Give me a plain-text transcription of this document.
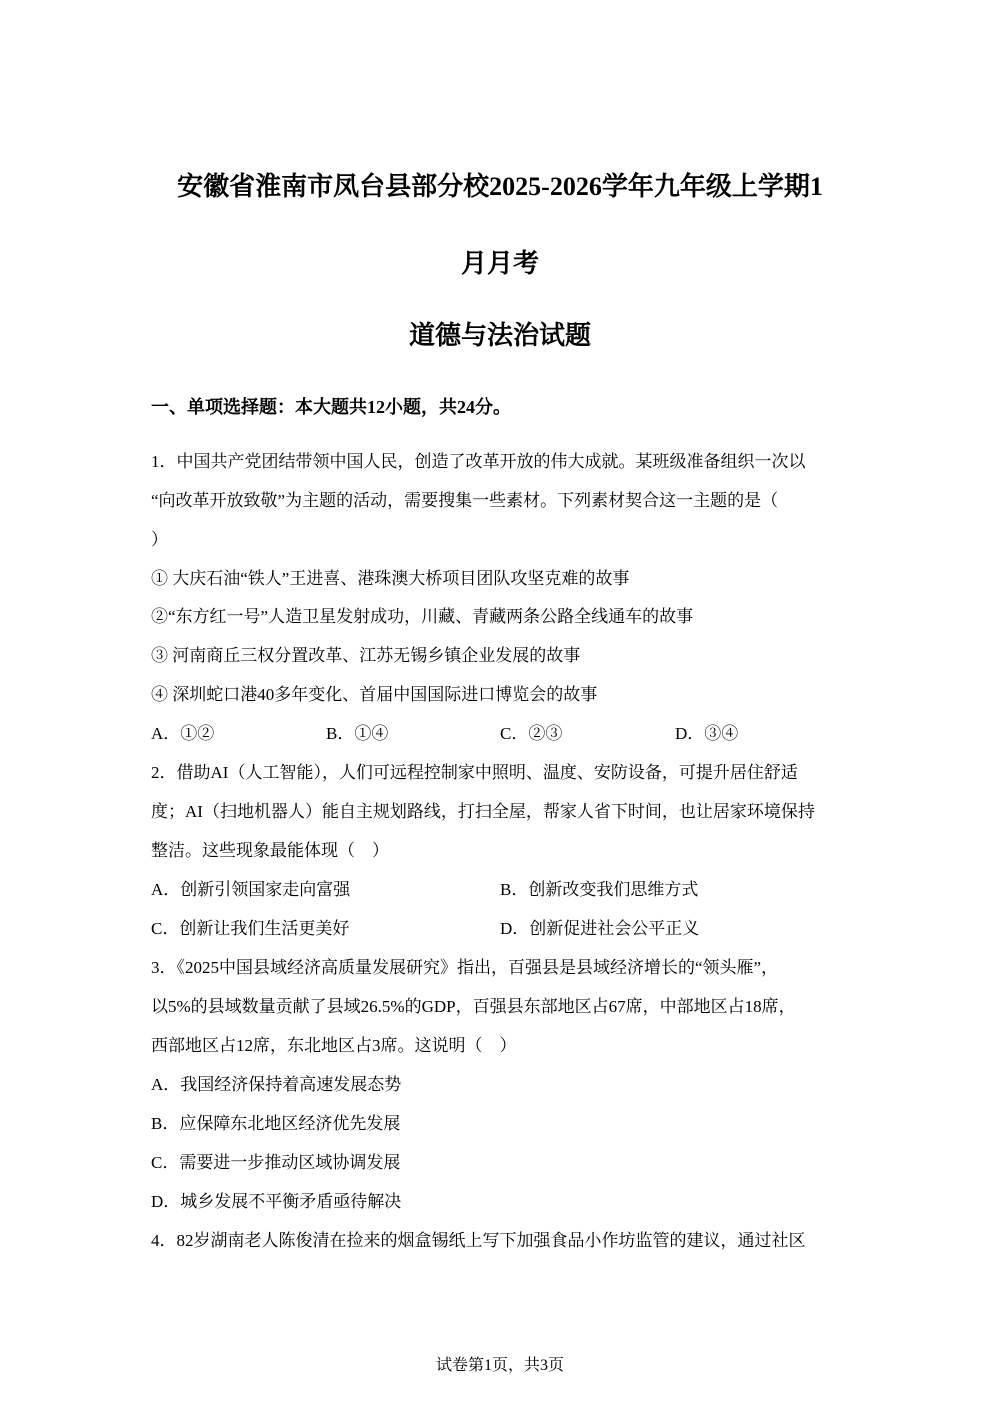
安徽省淮南市凤台县部分校2025-2026学年九年级上学期1
月月考
道德与法治试题
一、单项选择题：本大题共12小题，共24分。
1．中国共产党团结带领中国人民，创造了改革开放的伟大成就。某班级准备组织一次以
“向改革开放致敬”为主题的活动，需要搜集一些素材。下列素材契合这一主题的是（
）
① 大庆石油“铁人”王进喜、港珠澳大桥项目团队攻坚克难的故事
②“东方红一号”人造卫星发射成功，川藏、青藏两条公路全线通车的故事
③ 河南商丘三权分置改革、江苏无锡乡镇企业发展的故事
④ 深圳蛇口港40多年变化、首届中国国际进口博览会的故事
A．①②	B．①④	C．②③	D．③④
2．借助AI（人工智能），人们可远程控制家中照明、温度、安防设备，可提升居住舒适
度；AI（扫地机器人）能自主规划路线，打扫全屋，帮家人省下时间，也让居家环境保持
整洁。这些现象最能体现（　）
A．创新引领国家走向富强	B．创新改变我们思维方式
C．创新让我们生活更美好	D．创新促进社会公平正义
3．《2025中国县域经济高质量发展研究》指出，百强县是县域经济增长的“领头雁”，
以5%的县域数量贡献了县域26.5%的GDP，百强县东部地区占67席，中部地区占18席，
西部地区占12席，东北地区占3席。这说明（　）
A．我国经济保持着高速发展态势
B．应保障东北地区经济优先发展
C．需要进一步推动区域协调发展
D．城乡发展不平衡矛盾亟待解决
4．82岁湖南老人陈俊清在捡来的烟盒锡纸上写下加强食品小作坊监管的建议，通过社区
试卷第1页，共3页
